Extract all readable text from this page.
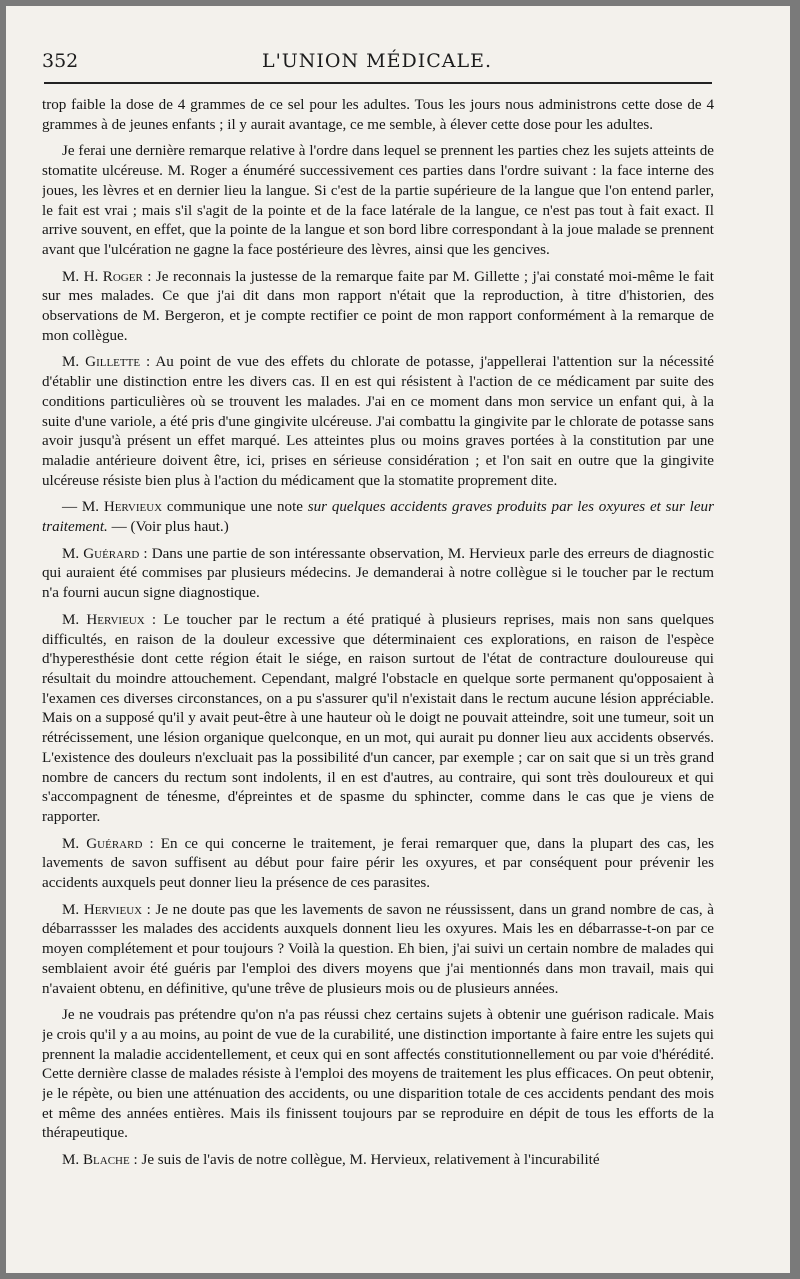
352	L'UNION MÉDICALE.

trop faible la dose de 4 grammes de ce sel pour les adultes. Tous les jours nous administrons cette dose de 4 grammes à de jeunes enfants ; il y aurait avantage, ce me semble, à élever cette dose pour les adultes.

Je ferai une dernière remarque relative à l'ordre dans lequel se prennent les parties chez les sujets atteints de stomatite ulcéreuse. M. Roger a énuméré successivement ces parties dans l'ordre suivant : la face interne des joues, les lèvres et en dernier lieu la langue. Si c'est de la partie supérieure de la langue que l'on entend parler, le fait est vrai ; mais s'il s'agit de la pointe et de la face latérale de la langue, ce n'est pas tout à fait exact. Il arrive souvent, en effet, que la pointe de la langue et son bord libre correspondant à la joue malade se prennent avant que l'ulcération ne gagne la face postérieure des lèvres, ainsi que les gencives.

M. H. Roger : Je reconnais la justesse de la remarque faite par M. Gillette ; j'ai constaté moi-même le fait sur mes malades. Ce que j'ai dit dans mon rapport n'était que la reproduction, à titre d'historien, des observations de M. Bergeron, et je compte rectifier ce point de mon rapport conformément à la remarque de mon collègue.

M. Gillette : Au point de vue des effets du chlorate de potasse, j'appellerai l'attention sur la nécessité d'établir une distinction entre les divers cas. Il en est qui résistent à l'action de ce médicament par suite des conditions particulières où se trouvent les malades. J'ai en ce moment dans mon service un enfant qui, à la suite d'une variole, a été pris d'une gingivite ulcéreuse. J'ai combattu la gingivite par le chlorate de potasse sans avoir jusqu'à présent un effet marqué. Les atteintes plus ou moins graves portées à la constitution par une maladie antérieure doivent être, ici, prises en sérieuse considération ; et l'on sait en outre que la gingivite ulcéreuse résiste bien plus à l'action du médicament que la stomatite proprement dite.

— M. Hervieux communique une note sur quelques accidents graves produits par les oxyures et sur leur traitement. — (Voir plus haut.)

M. Guérard : Dans une partie de son intéressante observation, M. Hervieux parle des erreurs de diagnostic qui auraient été commises par plusieurs médecins. Je demanderai à notre collègue si le toucher par le rectum n'a fourni aucun signe diagnostique.

M. Hervieux : Le toucher par le rectum a été pratiqué à plusieurs reprises, mais non sans quelques difficultés, en raison de la douleur excessive que déterminaient ces explorations, en raison de l'espèce d'hyperesthésie dont cette région était le siége, en raison surtout de l'état de contracture douloureuse qui résultait du moindre attouchement. Cependant, malgré l'obstacle en quelque sorte permanent qu'opposaient à l'examen ces diverses circonstances, on a pu s'assurer qu'il n'existait dans le rectum aucune lésion appréciable. Mais on a supposé qu'il y avait peut-être à une hauteur où le doigt ne pouvait atteindre, soit une tumeur, soit un rétrécissement, une lésion organique quelconque, en un mot, qui aurait pu donner lieu aux accidents observés. L'existence des douleurs n'excluait pas la possibilité d'un cancer, par exemple ; car on sait que si un très grand nombre de cancers du rectum sont indolents, il en est d'autres, au contraire, qui sont très douloureux et qui s'accompagnent de ténesme, d'épreintes et de spasme du sphincter, comme dans le cas que je viens de rapporter.

M. Guérard : En ce qui concerne le traitement, je ferai remarquer que, dans la plupart des cas, les lavements de savon suffisent au début pour faire périr les oxyures, et par conséquent pour prévenir les accidents auxquels peut donner lieu la présence de ces parasites.

M. Hervieux : Je ne doute pas que les lavements de savon ne réussissent, dans un grand nombre de cas, à débarrassser les malades des accidents auxquels donnent lieu les oxyures. Mais les en débarrasse-t-on par ce moyen complétement et pour toujours ? Voilà la question. Eh bien, j'ai suivi un certain nombre de malades qui semblaient avoir été guéris par l'emploi des divers moyens que j'ai mentionnés dans mon travail, mais qui n'avaient obtenu, en définitive, qu'une trêve de plusieurs mois ou de plusieurs années.

Je ne voudrais pas prétendre qu'on n'a pas réussi chez certains sujets à obtenir une guérison radicale. Mais je crois qu'il y a au moins, au point de vue de la curabilité, une distinction importante à faire entre les sujets qui prennent la maladie accidentellement, et ceux qui en sont affectés constitutionnellement ou par voie d'hérédité. Cette dernière classe de malades résiste à l'emploi des moyens de traitement les plus efficaces. On peut obtenir, je le répète, ou bien une atténuation des accidents, ou une disparition totale de ces accidents pendant des mois et même des années entières. Mais ils finissent toujours par se reproduire en dépit de tous les efforts de la thérapeutique.

M. Blache : Je suis de l'avis de notre collègue, M. Hervieux, relativement à l'incurabilité
